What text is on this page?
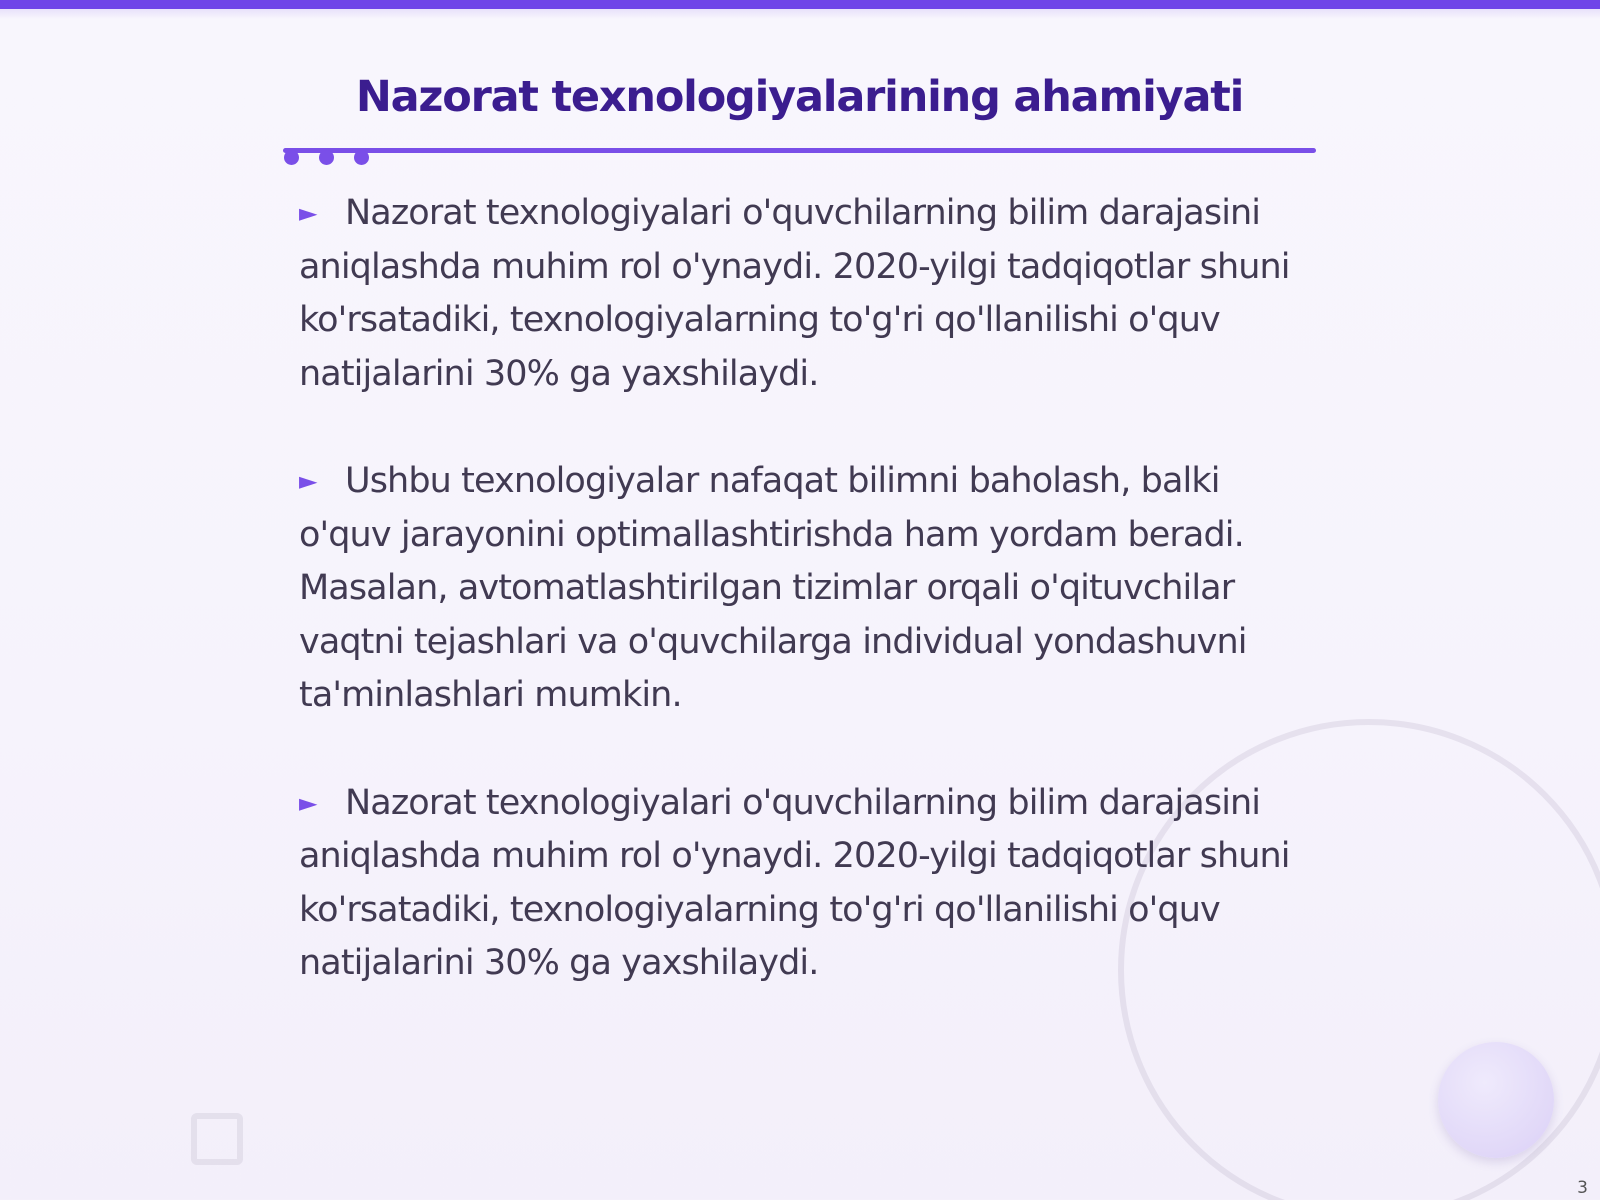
Nazorat texnologiyalarining ahamiyati

► Nazorat texnologiyalari o'quvchilarning bilim darajasini aniqlashda muhim rol o'ynaydi. 2020-yilgi tadqiqotlar shuni ko'rsatadiki, texnologiyalarning to'g'ri qo'llanilishi o'quv natijalarini 30% ga yaxshilaydi.

► Ushbu texnologiyalar nafaqat bilimni baholash, balki o'quv jarayonini optimallashtirishda ham yordam beradi. Masalan, avtomatlashtirilgan tizimlar orqali o'qituvchilar vaqtni tejashlari va o'quvchilarga individual yondashuvni ta'minlashlari mumkin.

► Nazorat texnologiyalari o'quvchilarning bilim darajasini aniqlashda muhim rol o'ynaydi. 2020-yilgi tadqiqotlar shuni ko'rsatadiki, texnologiyalarning to'g'ri qo'llanilishi o'quv natijalarini 30% ga yaxshilaydi.

3
